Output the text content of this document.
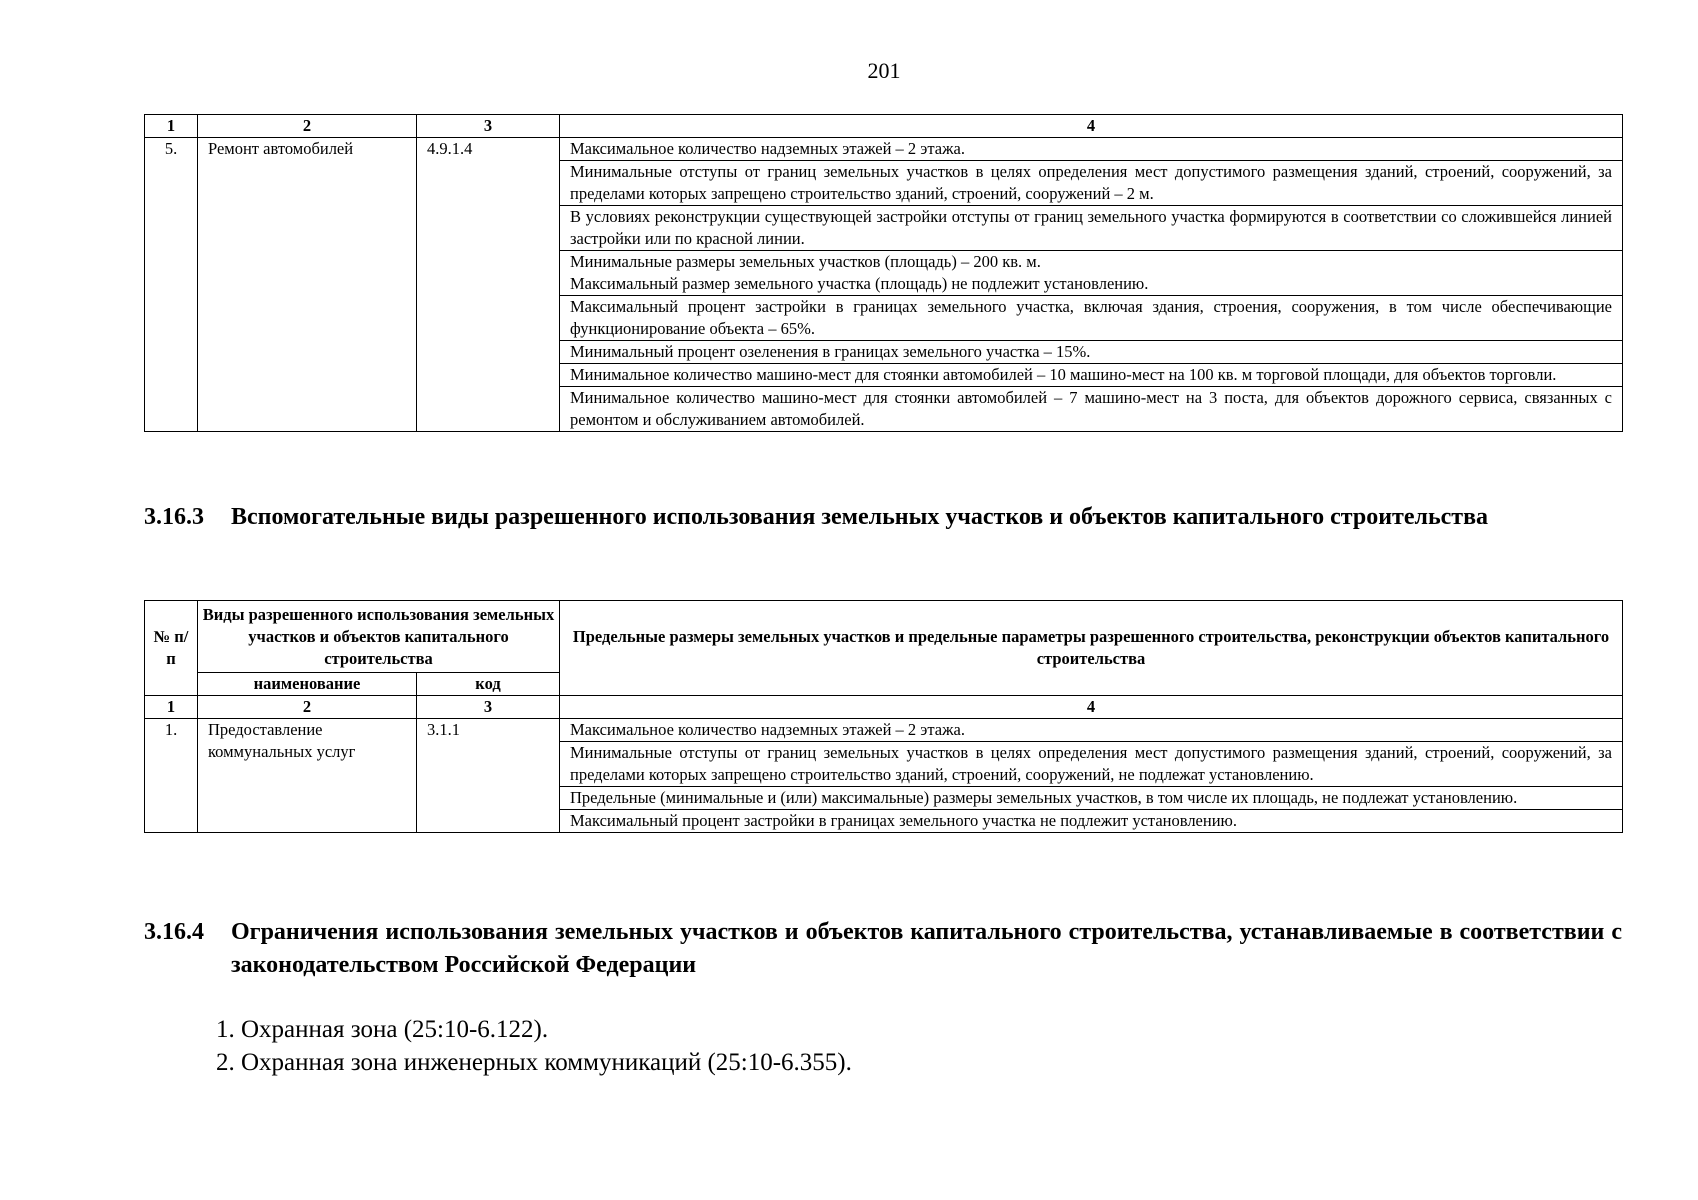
201
1	2	3	4
5.	Ремонт автомобилей	4.9.1.4	Максимальное количество надземных этажей – 2 этажа.
			Минимальные отступы от границ земельных участков в целях определения мест допустимого размещения зданий, строений, сооружений, за пределами которых запрещено строительство зданий, строений, сооружений – 2 м.
			В условиях реконструкции существующей застройки отступы от границ земельного участка формируются в соответствии со сложившейся линией застройки или по красной линии.

			Минимальные размеры земельных участков (площадь) – 200 кв. м.
Максимальный размер земельного участка (площадь) не подлежит установлению.

			Максимальный процент застройки в границах земельного участка, включая здания, строения, сооружения, в том числе обеспечивающие функционирование объекта – 65%.
			Минимальный процент озеленения в границах земельного участка – 15%.
			Минимальное количество машино-мест для стоянки автомобилей – 10 машино-мест на 100 кв. м торговой площади, для объектов торговли.
			Минимальное количество машино-мест для стоянки автомобилей – 7 машино-мест на 3 поста, для объектов дорожного сервиса, связанных с ремонтом и обслуживанием автомобилей.
3.16.3 Вспомогательные виды разрешенного использования земельных участков и объектов капитального строительства
№ п/п	Виды разрешенного использования земельных участков и объектов капитального строительства		Предельные размеры земельных участков и предельные параметры разрешенного строительства, реконструкции объектов капитального строительства
	наименование	код	
1	2	3	4
1.	Предоставление коммунальных услуг	3.1.1	Максимальное количество надземных этажей – 2 этажа.
			Минимальные отступы от границ земельных участков в целях определения мест допустимого размещения зданий, строений, сооружений, за пределами которых запрещено строительство зданий, строений, сооружений, не подлежат установлению.
			Предельные (минимальные и (или) максимальные) размеры земельных участков, в том числе их площадь, не подлежат установлению.
			Максимальный процент застройки в границах земельного участка не подлежит установлению.
3.16.4 Ограничения использования земельных участков и объектов капитального строительства, устанавливаемые в соответствии с законодательством Российской Федерации
1. Охранная зона (25:10-6.122).
2. Охранная зона инженерных коммуникаций (25:10-6.355).
